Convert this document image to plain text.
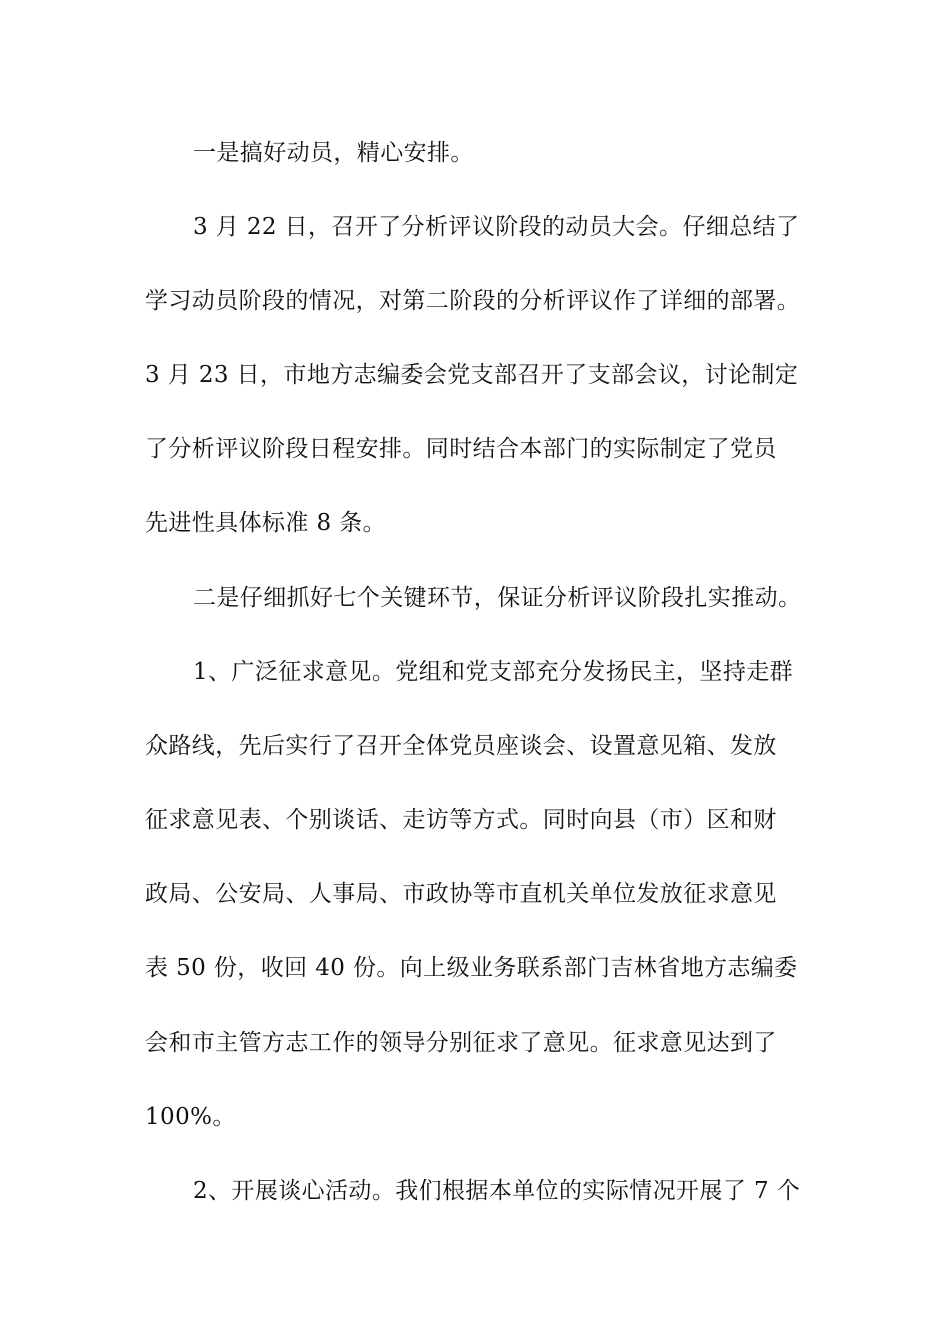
一是搞好动员，精心安排。
3 月 22 日，召开了分析评议阶段的动员大会。仔细总结了
学习动员阶段的情况，对第二阶段的分析评议作了详细的部署。
3 月 23 日，市地方志编委会党支部召开了支部会议，讨论制定
了分析评议阶段日程安排。同时结合本部门的实际制定了党员
先进性具体标准 8 条。
二是仔细抓好七个关键环节，保证分析评议阶段扎实推动。
1、广泛征求意见。党组和党支部充分发扬民主，坚持走群
众路线，先后实行了召开全体党员座谈会、设置意见箱、发放
征求意见表、个别谈话、走访等方式。同时向县（市）区和财
政局、公安局、人事局、市政协等市直机关单位发放征求意见
表 50 份，收回 40 份。向上级业务联系部门吉林省地方志编委
会和市主管方志工作的领导分别征求了意见。征求意见达到了
100%。
2、开展谈心活动。我们根据本单位的实际情况开展了 7 个
